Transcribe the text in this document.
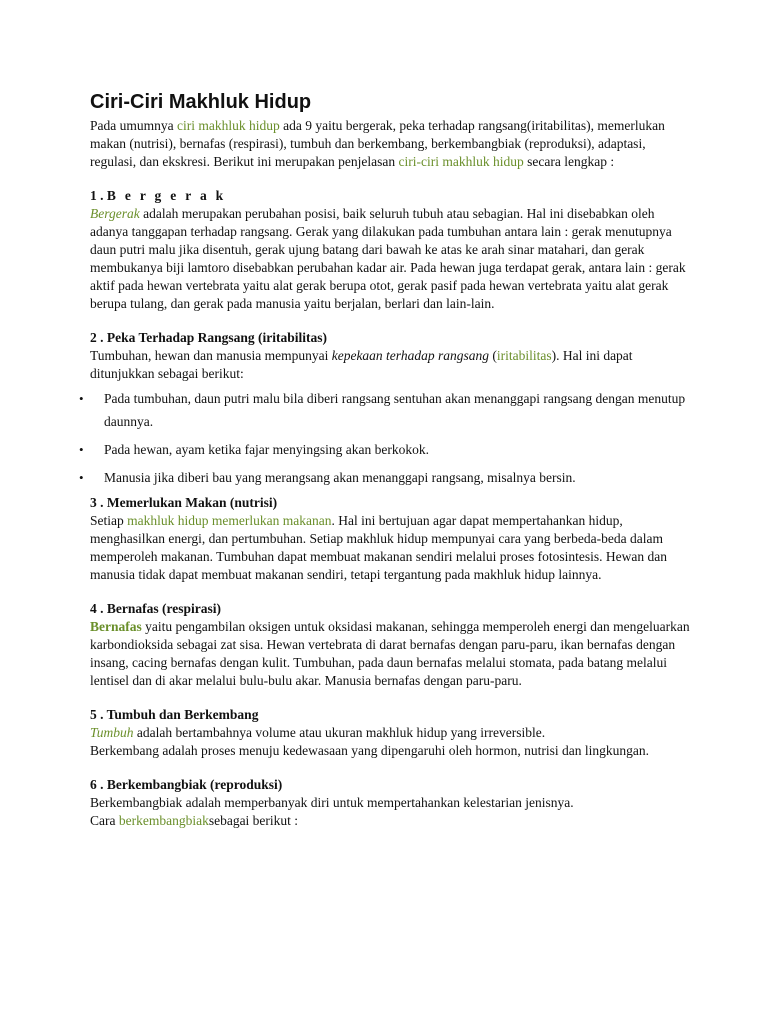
Ciri-Ciri Makhluk Hidup

Pada umumnya ciri makhluk hidup ada 9 yaitu bergerak, peka terhadap rangsang(iritabilitas), memerlukan makan (nutrisi), bernafas (respirasi), tumbuh dan berkembang, berkembangbiak (reproduksi), adaptasi, regulasi, dan ekskresi. Berikut ini merupakan penjelasan ciri-ciri makhluk hidup secara lengkap :

1 . B e r g e r a k

Bergerak adalah merupakan perubahan posisi, baik seluruh tubuh atau sebagian. Hal ini disebabkan oleh adanya tanggapan terhadap rangsang. Gerak yang dilakukan pada tumbuhan antara lain : gerak menutupnya daun putri malu jika disentuh, gerak ujung batang dari bawah ke atas ke arah sinar matahari, dan gerak membukanya biji lamtoro disebabkan perubahan kadar air. Pada hewan juga terdapat gerak, antara lain : gerak aktif pada hewan vertebrata yaitu alat gerak berupa otot, gerak pasif pada hewan vertebrata yaitu alat gerak berupa tulang, dan gerak pada manusia yaitu berjalan, berlari dan lain-lain.

2 . Peka Terhadap Rangsang (iritabilitas)

Tumbuhan, hewan dan manusia mempunyai kepekaan terhadap rangsang (iritabilitas). Hal ini dapat ditunjukkan sebagai berikut:

• Pada tumbuhan, daun putri malu bila diberi rangsang sentuhan akan menanggapi rangsang dengan menutup daunnya.
• Pada hewan, ayam ketika fajar menyingsing akan berkokok.
• Manusia jika diberi bau yang merangsang akan menanggapi rangsang, misalnya bersin.

3 . Memerlukan Makan (nutrisi)

Setiap makhluk hidup memerlukan makanan. Hal ini bertujuan agar dapat mempertahankan hidup, menghasilkan energi, dan pertumbuhan. Setiap makhluk hidup mempunyai cara yang berbeda-beda dalam memperoleh makanan. Tumbuhan dapat membuat makanan sendiri melalui proses fotosintesis. Hewan dan manusia tidak dapat membuat makanan sendiri, tetapi tergantung pada makhluk hidup lainnya.

4 . Bernafas (respirasi)

Bernafas yaitu pengambilan oksigen untuk oksidasi makanan, sehingga memperoleh energi dan mengeluarkan karbondioksida sebagai zat sisa. Hewan vertebrata di darat bernafas dengan paru-paru, ikan bernafas dengan insang, cacing bernafas dengan kulit. Tumbuhan, pada daun bernafas melalui stomata, pada batang melalui lentisel dan di akar melalui bulu-bulu akar. Manusia bernafas dengan paru-paru.

5 . Tumbuh dan Berkembang

Tumbuh adalah bertambahnya volume atau ukuran makhluk hidup yang irreversible.

Berkembang adalah proses menuju kedewasaan yang dipengaruhi oleh hormon, nutrisi dan lingkungan.

6 . Berkembangbiak (reproduksi)

Berkembangbiak adalah memperbanyak diri untuk mempertahankan kelestarian jenisnya.

Cara berkembangbiaksebagai berikut :
